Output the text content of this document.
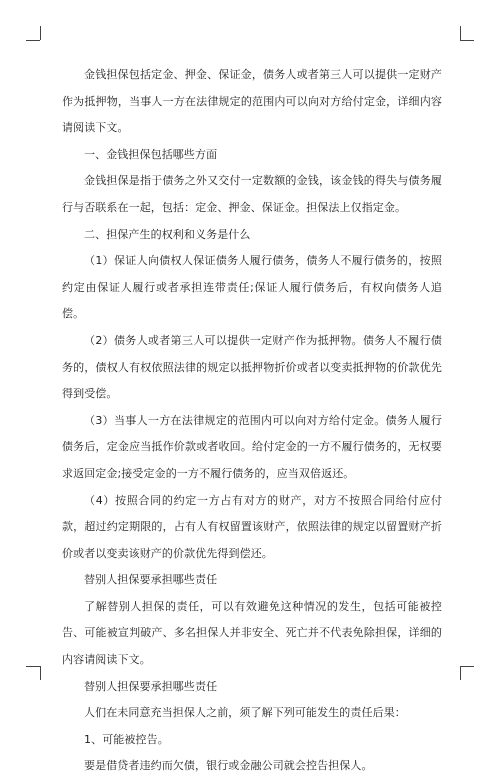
金钱担保包括定金、押金、保证金，债务人或者第三人可以提供一定财产作为抵押物，当事人一方在法律规定的范围内可以向对方给付定金，详细内容请阅读下文。

一、金钱担保包括哪些方面

金钱担保是指于债务之外又交付一定数额的金钱，该金钱的得失与债务履行与否联系在一起，包括：定金、押金、保证金。担保法上仅指定金。

二、担保产生的权利和义务是什么

（1）保证人向债权人保证债务人履行债务，债务人不履行债务的，按照约定由保证人履行或者承担连带责任;保证人履行债务后，有权向债务人追偿。

（2）债务人或者第三人可以提供一定财产作为抵押物。债务人不履行债务的，债权人有权依照法律的规定以抵押物折价或者以变卖抵押物的价款优先得到受偿。

（3）当事人一方在法律规定的范围内可以向对方给付定金。债务人履行债务后，定金应当抵作价款或者收回。给付定金的一方不履行债务的，无权要求返回定金;接受定金的一方不履行债务的，应当双倍返还。

（4）按照合同的约定一方占有对方的财产，对方不按照合同给付应付款，超过约定期限的，占有人有权留置该财产，依照法律的规定以留置财产折价或者以变卖该财产的价款优先得到偿还。

替别人担保要承担哪些责任

了解替别人担保的责任，可以有效避免这种情况的发生，包括可能被控告、可能被宣判破产、多名担保人并非安全、死亡并不代表免除担保，详细的内容请阅读下文。

替别人担保要承担哪些责任

人们在未同意充当担保人之前，须了解下列可能发生的责任后果：

1、可能被控告。

要是借贷者违约而欠债，银行或金融公司就会控告担保人。
